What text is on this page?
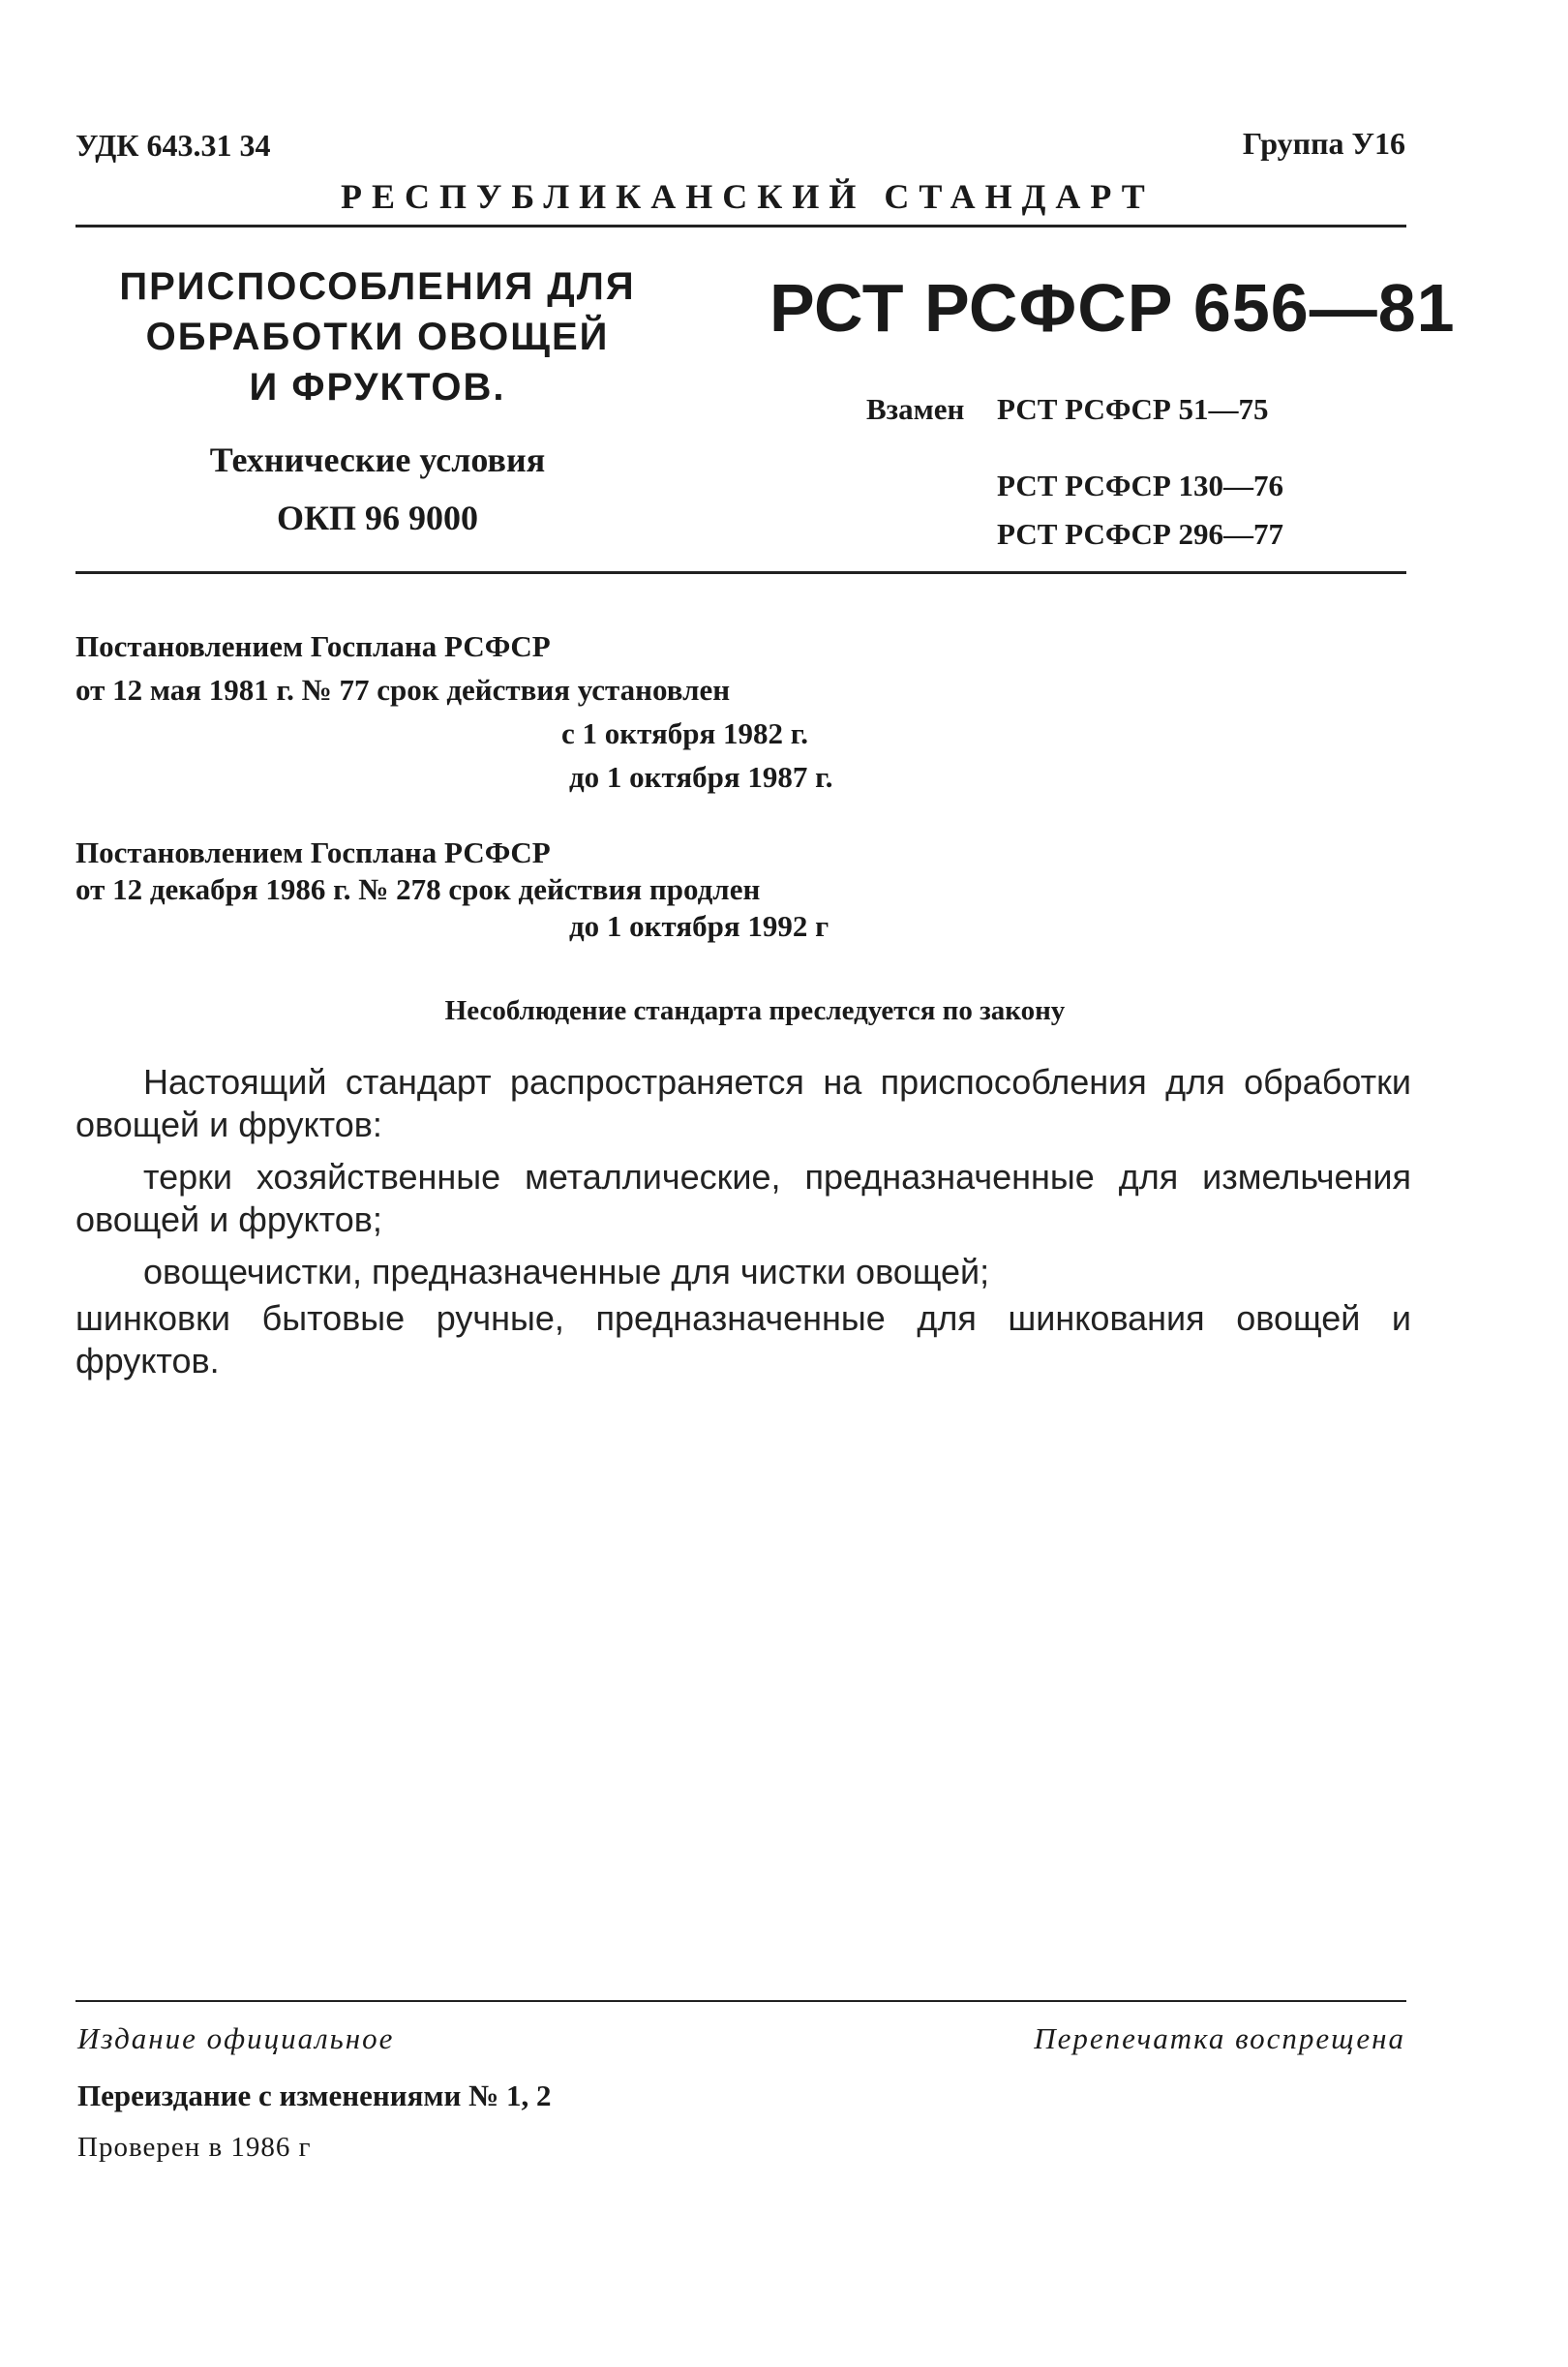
УДК 643.31 34	Группа У16
РЕСПУБЛИКАНСКИЙ СТАНДАРТ
ПРИСПОСОБЛЕНИЯ ДЛЯ
ОБРАБОТКИ ОВОЩЕЙ
И ФРУКТОВ.
Технические условия
ОКП 96 9000
РСТ РСФСР 656—81
Взамен РСТ РСФСР 51—75
РСТ РСФСР 130—76
РСТ РСФСР 296—77
Постановлением Госплана РСФСР
от 12 мая 1981 г. № 77 срок действия установлен
с 1 октября 1982 г.
до 1 октября 1987 г.
Постановлением Госплана РСФСР
от 12 декабря 1986 г. № 278 срок действия продлен
до 1 октября 1992 г
Несоблюдение стандарта преследуется по закону

Настоящий стандарт распространяется на приспособления для обработки овощей и фруктов:

терки хозяйственные металлические, предназначенные для измельчения овощей и фруктов;

овощечистки, предназначенные для чистки овощей;

шинковки бытовые ручные, предназначенные для шинкования овощей и фруктов.

Издание официальное	Перепечатка воспрещена
Переиздание с изменениями № 1, 2
Проверен в 1986 г
